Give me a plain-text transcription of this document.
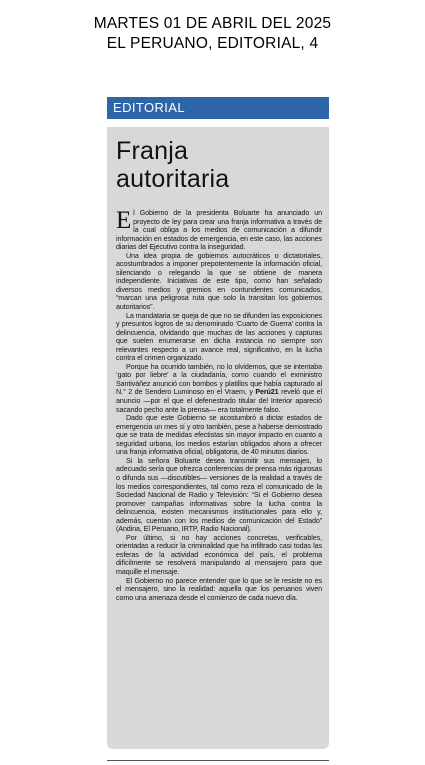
MARTES 01 DE ABRIL DEL 2025
EL PERUANO, EDITORIAL, 4
EDITORIAL
Franja
autoritaria

El Gobierno de la presidenta Boluarte ha anunciado un proyecto de ley para crear una franja informativa a través de la cual obliga a los medios de comunicación a difundir información en estados de emergencia, en este caso, las acciones diarias del Ejecutivo contra la inseguridad.

Una idea propia de gobiernos autocráticos o dictatoriales, acostumbrados a imponer prepotentemente la información oficial, silenciando o relegando la que se obtiene de manera independiente. Iniciativas de este tipo, como han señalado diversos medios y gremios en contundentes comunicados, “marcan una peligrosa ruta que solo la transitan los gobiernos autoritarios”.

La mandataria se queja de que no se difunden las exposiciones y presuntos logros de su denominado ‘Cuarto de Guerra’ contra la delincuencia, olvidando que muchas de las acciones y capturas que suelen enumerarse en dicha instancia no siempre son relevantes respecto a un avance real, significativo, en la lucha contra el crimen organizado.

Porque ha ocurrido también, no lo olvidemos, que se intentaba ‘gato por liebre’ a la ciudadanía, como cuando el exministro Santiváñez anunció con bombos y platillos que había capturado al N.° 2 de Sendero Luminoso en el Vraem, y Perú21 reveló que el anuncio —por el que el defenestrado titular del Interior apareció sacando pecho ante la prensa— era totalmente falso.

Dado que este Gobierno se acostumbró a dictar estados de emergencia un mes sí y otro también, pese a haberse demostrado que se trata de medidas efectistas sin mayor impacto en cuanto a seguridad urbana, los medios estarían obligados ahora a ofrecer una franja informativa oficial, obligatoria, de 40 minutos diarios.

Si la señora Boluarte desea transmitir sus mensajes, lo adecuado sería que ofrezca conferencias de prensa más rigurosas o difunda sus —discutibles— versiones de la realidad a través de los medios correspondientes, tal como reza el comunicado de la Sociedad Nacional de Radio y Televisión: “Si el Gobierno desea promover campañas informativas sobre la lucha contra la delincuencia, existen mecanismos institucionales para ello y, además, cuentan con los medios de comunicación del Estado” (Andina, El Peruano, IRTP, Radio Nacional).

Por último, si no hay acciones concretas, verificables, orientadas a reducir la criminalidad que ha infiltrado casi todas las esferas de la actividad económica del país, el problema difícilmente se resolverá manipulando al mensajero para que maquille el mensaje.

El Gobierno no parece entender que lo que se le resiste no es el mensajero, sino la realidad: aquella que los peruanos viven como una amenaza desde el comienzo de cada nuevo día.
